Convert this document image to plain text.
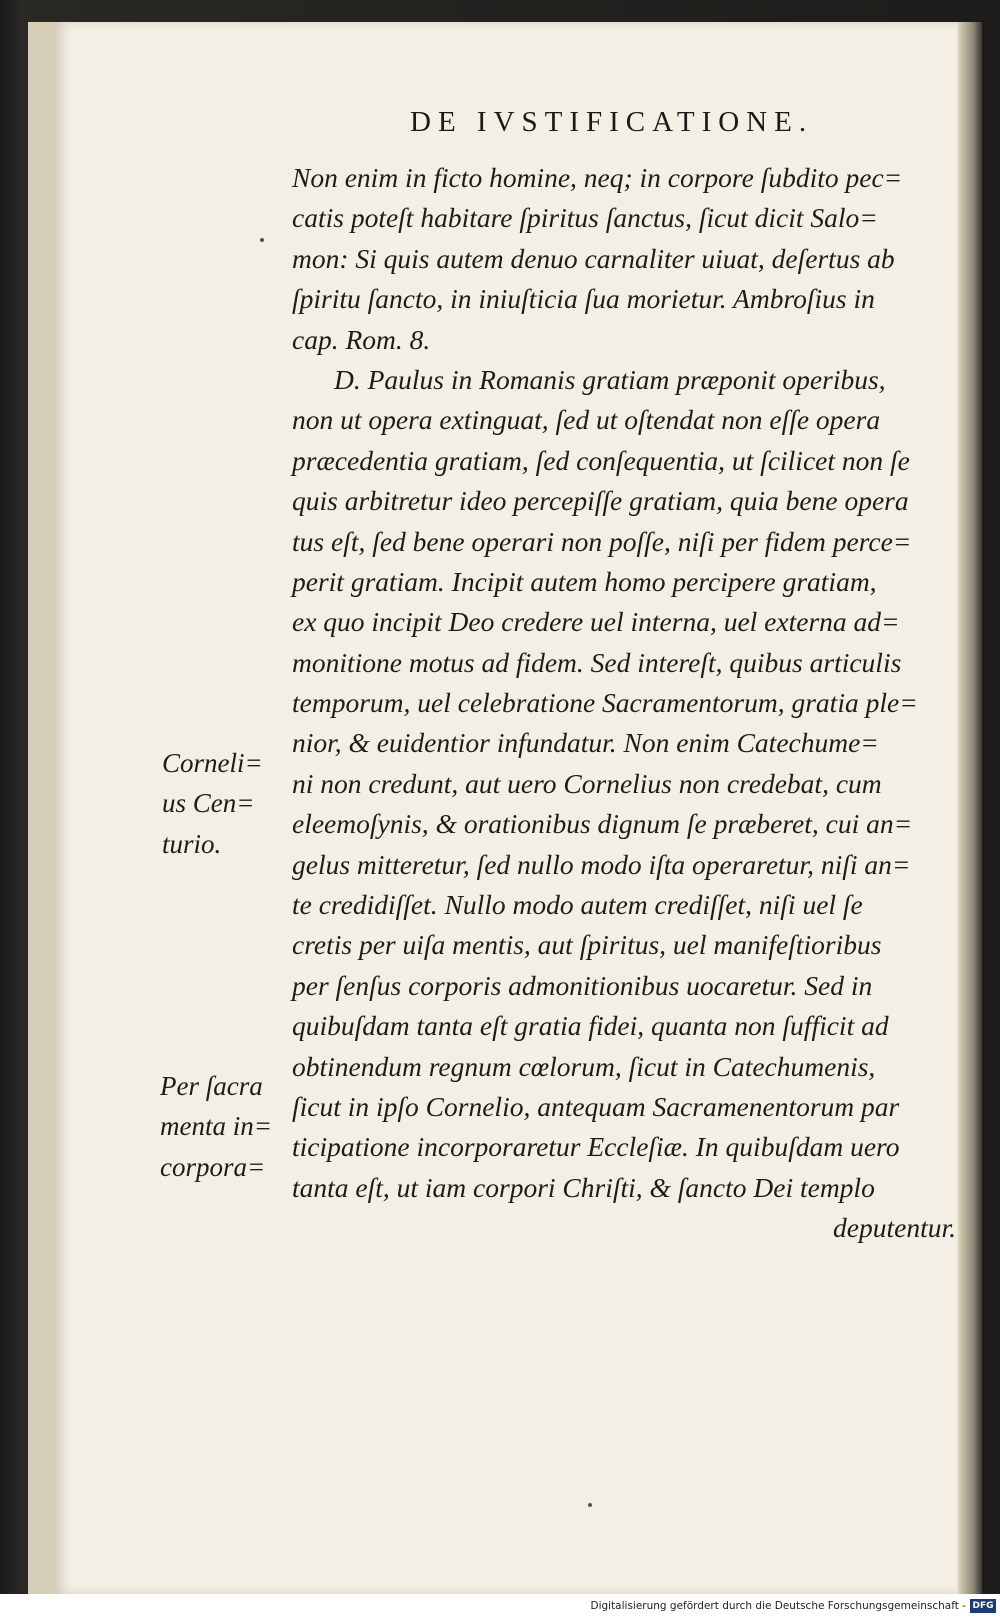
DE IVSTIFICATIONE.
Non enim in ficto homine, neq; in corpore ſubdito pec=
catis poteſt habitare ſpiritus ſanctus, ſicut dicit Salo=
mon: Si quis autem denuo carnaliter uiuat, deſertus ab
ſpiritu ſancto, in iniuſticia ſua morietur. Ambroſius in
cap. Rom. 8.
D. Paulus in Romanis gratiam præponit operibus,
non ut opera extinguat, ſed ut oſtendat non eſſe opera
præcedentia gratiam, ſed conſequentia, ut ſcilicet non ſe
quis arbitretur ideo percepiſſe gratiam, quia bene opera
tus eſt, ſed bene operari non poſſe, niſi per fidem perce=
perit gratiam. Incipit autem homo percipere gratiam,
ex quo incipit Deo credere uel interna, uel externa ad=
monitione motus ad fidem. Sed intereſt, quibus articulis
temporum, uel celebratione Sacramentorum, gratia ple=
nior, & euidentior infundatur. Non enim Catechume=
ni non credunt, aut uero Cornelius non credebat, cum
eleemoſynis, & orationibus dignum ſe præberet, cui an=
gelus mitteretur, ſed nullo modo iſta operaretur, niſi an=
te credidiſſet. Nullo modo autem crediſſet, niſi uel ſe
cretis per uiſa mentis, aut ſpiritus, uel manifeſtioribus
per ſenſus corporis admonitionibus uocaretur. Sed in
quibuſdam tanta eſt gratia fidei, quanta non ſufficit ad
obtinendum regnum cœlorum, ſicut in Catechumenis,
ſicut in ipſo Cornelio, antequam Sacramenentorum par
ticipatione incorporaretur Eccleſiæ. In quibuſdam uero
tanta eſt, ut iam corpori Chriſti, & ſancto Dei templo
deputentur.
Corneli=
us Cen=
turio.
Per ſacra
menta in=
corpora=
Digitalisierung gefördert durch die Deutsche Forschungsgemeinschaft - DFG
